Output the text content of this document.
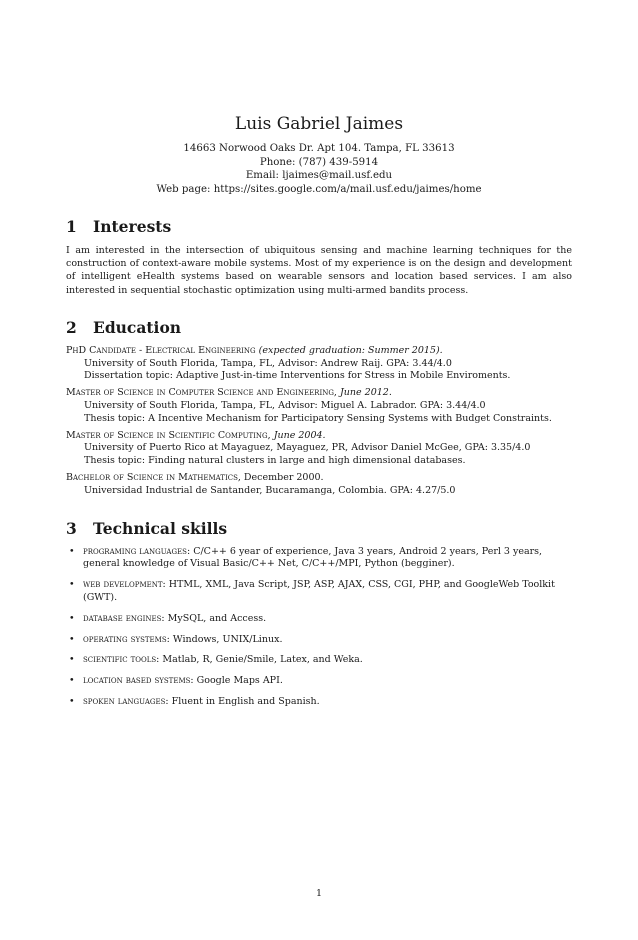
Luis Gabriel Jaimes
14663 Norwood Oaks Dr. Apt 104. Tampa, FL 33613
Phone: (787) 439-5914
Email: ljaimes@mail.usf.edu
Web page: https://sites.google.com/a/mail.usf.edu/jaimes/home
1	Interests

I am interested in the intersection of ubiquitous sensing and machine learning techniques for the construction of context-aware mobile systems. Most of my experience is on the design and development of intelligent eHealth systems based on wearable sensors and location based services. I am also interested in sequential stochastic optimization using multi-armed bandits process.

2	Education
PhD Candidate - Electrical Engineering (expected graduation: Summer 2015).
University of South Florida, Tampa, FL, Advisor: Andrew Raij. GPA: 3.44/4.0
Dissertation topic: Adaptive Just-in-time Interventions for Stress in Mobile Enviroments.
Master of Science in Computer Science and Engineering, June 2012.
University of South Florida, Tampa, FL, Advisor: Miguel A. Labrador. GPA: 3.44/4.0
Thesis topic: A Incentive Mechanism for Participatory Sensing Systems with Budget Constraints.
Master of Science in Scientific Computing, June 2004.
University of Puerto Rico at Mayaguez, Mayaguez, PR, Advisor Daniel McGee, GPA: 3.35/4.0
Thesis topic: Finding natural clusters in large and high dimensional databases.
Bachelor of Science in Mathematics, December 2000.
Universidad Industrial de Santander, Bucaramanga, Colombia. GPA: 4.27/5.0
3	Technical skills
• programing languages: C/C++ 6 year of experience, Java 3 years, Android 2 years, Perl 3 years, general knowledge of Visual Basic/C++ Net, C/C++/MPI, Python (begginer).
• web development: HTML, XML, Java Script, JSP, ASP, AJAX, CSS, CGI, PHP, and GoogleWeb Toolkit (GWT).
• database engines: MySQL, and Access.
• operating systems: Windows, UNIX/Linux.
• scientific tools: Matlab, R, Genie/Smile, Latex, and Weka.
• location based systems: Google Maps API.
• spoken languages: Fluent in English and Spanish.
1
